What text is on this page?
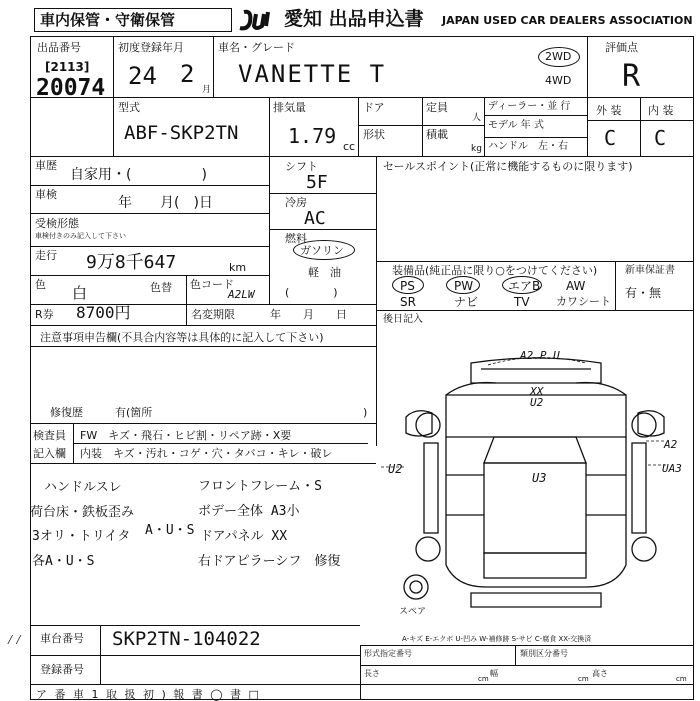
車内保管・守衛保管	愛知 出品申込書 JAPAN USED CAR DEALERS ASSOCIATION
出品番号
[2113]
20074
初度登録年月
24 2
月
車名・グレード
VANETTE T
2WD
4WD
評価点
R
型式
ABF-SKP2TN
排気量
1.79 cc
ドア	定員
人
形状	積載
kg
ディーラー・並 行
モデル 年 式
ハンドル　左・右
外 装 内 装
C C
車歴
自家用・(　　　　　)
車検
年　　月(　)日
受検形態
車検付きのみ記入して下さい
走行 9万8千647	km
色 白	色替 色コード
A2LW
R券 8700円	名変期限	年　　月　　日
シフト
5F
冷房
AC
燃料
ガソリン
軽　油
(　　　　)
セールスポイント(正常に機能するものに限ります)
装備品(純正品に限り○をつけてください)
PS	PW	エアB AW
SR	ナビ	TV カワシート
新車保証書
有・無
後日記入
注意事項申告欄(不具合内容等は具体的に記入して下さい)
修復歴	有(箇所	)
検査員
記入欄
FW　キズ・飛石・ヒビ割・リペア跡・X要
内装　キズ・汚れ・コゲ・穴・タバコ・キレ・破レ
ハンドルスレ
荷台床・鉄板歪み
3オリ・トリイタ A・U・S
各A・U・S
フロントフレーム・S
ボデー全体 A3小
ドアパネル XX
右ドアピラーシフ　修復
A2.P.U
XX U2
U2
U3
A2
UA3
スペア
A-キズ E-エクボ U-凹み W-補修跡 S-サビ C-腐食 XX-交換済
⁄⁄ 車台番号 SKP2TN-104022
登録番号
形式指定番号	類別区分番号
長さ
cm
幅
cm
高さ
cm
ア 番 車 1 取 扱 初 ) 報 書 ◯ 書 □
